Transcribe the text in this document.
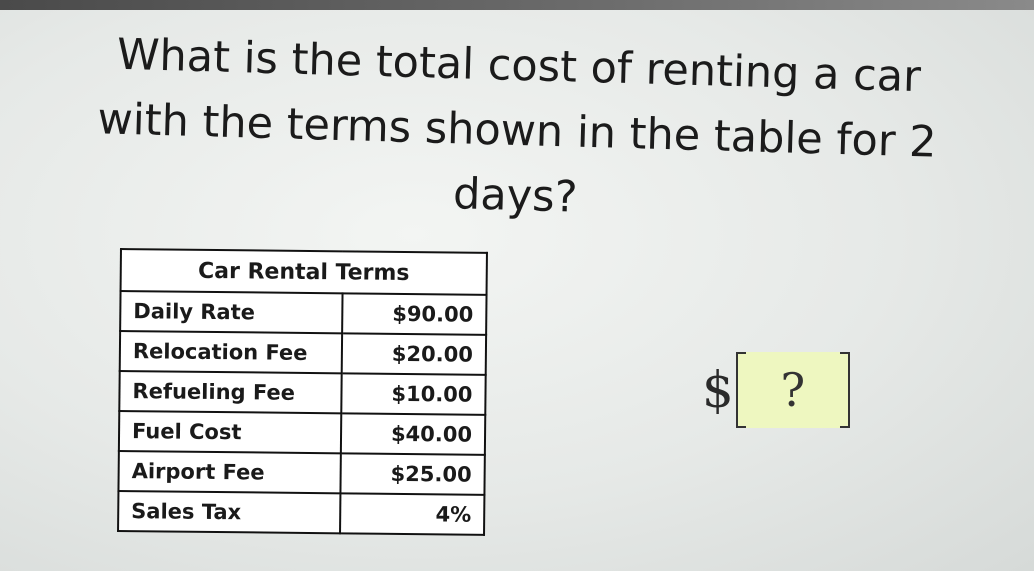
What is the total cost of renting a car
with the terms shown in the table for 2
days?
Car Rental Terms	
Daily Rate	$90.00
Relocation Fee	$20.00
Refueling Fee	$10.00
Fuel Cost	$40.00
Airport Fee	$25.00
Sales Tax	4%
$ ?
